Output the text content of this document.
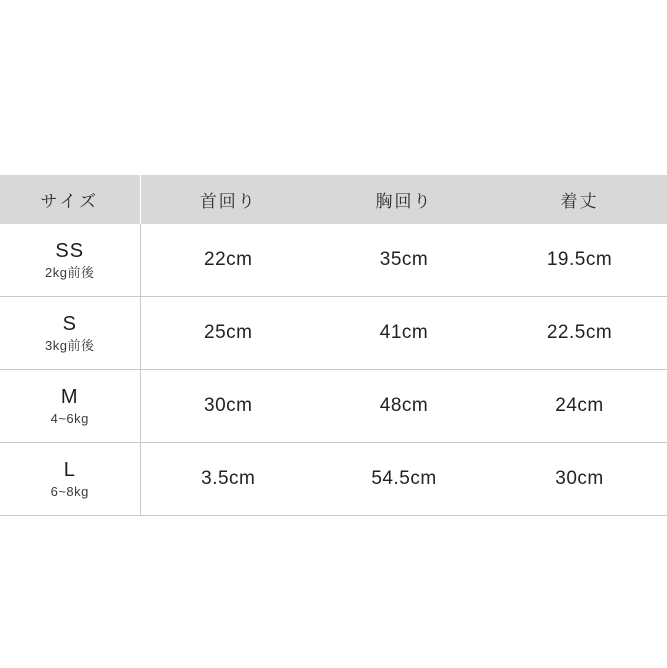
サイズ	首回り	胸回り	着丈

SS
2kg前後	22cm	35cm	19.5cm

S
3kg前後	25cm	41cm	22.5cm

M
4~6kg	30cm	48cm	24cm

L
6~8kg	3.5cm	54.5cm	30cm
